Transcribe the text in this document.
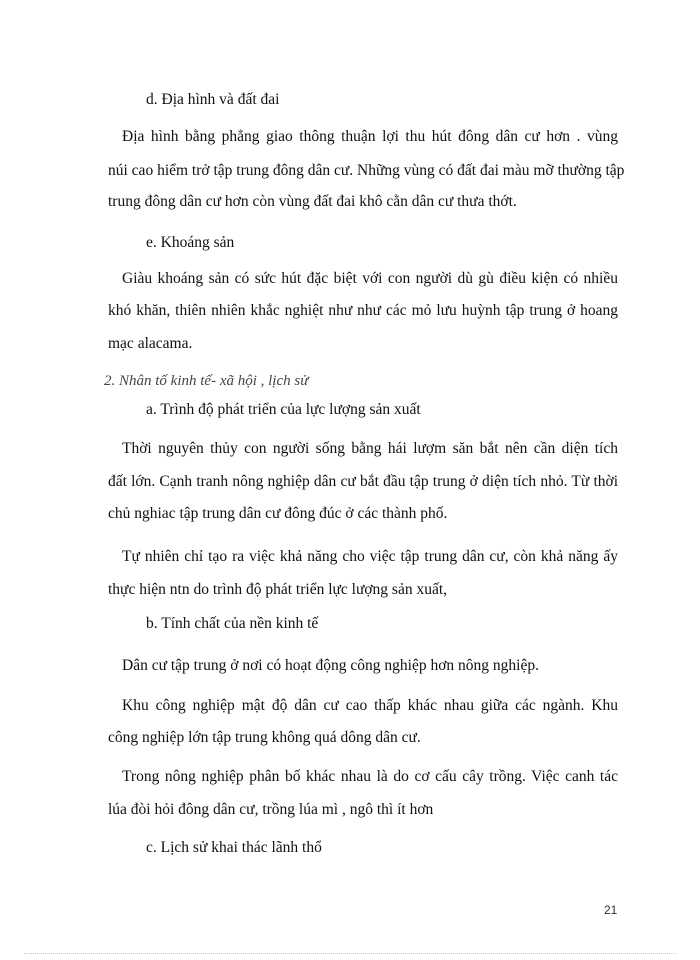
d. Địa hình và đất đai
Địa hình bằng phẳng giao thông thuận lợi thu hút đông dân cư hơn . vùng
núi cao hiểm trở tập trung đông dân cư. Những vùng có đất đai màu mỡ thường tập
trung đông dân cư hơn còn vùng đất đai khô cằn dân cư thưa thớt.
e. Khoáng sản
Giàu khoáng sản có sức hút đặc biệt với con người dù gù điều kiện có nhiều
khó khăn, thiên nhiên khắc nghiệt như như các mỏ lưu huỳnh tập trung ở hoang
mạc alacama.
2. Nhân tố kinh tế- xã hội , lịch sử
a. Trình độ phát triển của lực lượng sản xuất
Thời nguyên thủy con người sống bằng hái lượm săn bắt nên cần diện tích
đất lớn. Cạnh tranh nông nghiệp dân cư bắt đầu tập trung ở diện tích nhỏ. Từ thời
chủ nghiac tập trung dân cư đông đúc ở các thành phố.
Tự nhiên chỉ tạo ra việc khả năng cho việc tập trung dân cư, còn khả năng ấy
thực hiện ntn do trình độ phát triển lực lượng sản xuất,
b. Tính chất của nền kinh tế
Dân cư tập trung ở nơi có hoạt động công nghiệp hơn nông nghiệp.
Khu công nghiệp mật độ dân cư cao thấp khác nhau giữa các ngành. Khu
công nghiệp lớn tập trung không quá dông dân cư.
Trong nông nghiệp phân bố khác nhau là do cơ cấu cây trồng. Việc canh tác
lúa đòi hỏi đông dân cư, trồng lúa mì , ngô thì ít hơn
c. Lịch sử khai thác lãnh thổ
21
